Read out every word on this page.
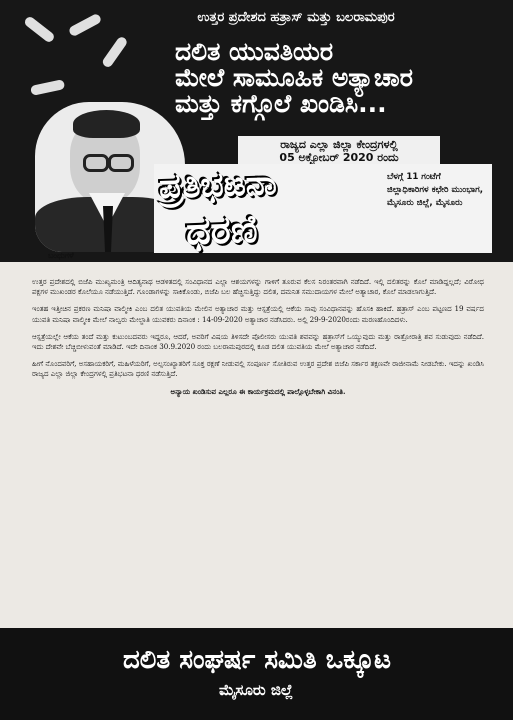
ಉತ್ತರ ಪ್ರದೇಶದ ಹತ್ರಾಸ್ ಮತ್ತು ಬಲರಾಮಪುರ
ದಲಿತ ಯುವತಿಯರ
ಮೇಲೆ ಸಾಮೂಹಿಕ ಅತ್ಯಾಚಾರ
ಮತ್ತು ಕಗ್ಗೊಲೆ ಖಂಡಿಸಿ...
ರಾಜ್ಯದ ಎಲ್ಲಾ ಜಿಲ್ಲಾ ಕೇಂದ್ರಗಳಲ್ಲಿ
05 ಅಕ್ಟೋಬರ್ 2020 ರಂದು
ಪ್ರತಿಭಟನಾ
ಧರಣಿ
ಬೆಳಗ್ಗೆ 11 ಗಂಟೆಗೆ
ಜಿಲ್ಲಾಧಿಕಾರಿಗಳ ಕಛೇರಿ ಮುಂಭಾಗ,
ಮೈಸೂರು ಜಿಲ್ಲೆ, ಮೈಸೂರು
ಬಂಧುಗಳೆ

ಉತ್ತರ ಪ್ರದೇಶದಲ್ಲಿ ಬಿಜೆಪಿ ಮುಖ್ಯಮಂತ್ರಿ ಆದಿತ್ಯನಾಥ ಆಡಳಿತದಲ್ಲಿ ಸಂವಿಧಾನದ ಎಲ್ಲಾ ಆಶಯಗಳನ್ನು ಗಾಳಿಗೆ ತೂರುವ ಕೆಲಸ ನಿರಂತರವಾಗಿ ನಡೆದಿದೆ. ಇಲ್ಲಿ ದಲಿತರನ್ನು ಕೊಲೆ ಮಾಡಿದ್ದಲ್ಲದೆ; ವಿರೋಧ ಪಕ್ಷಗಳ ಮುಖಂಡರ ಕೊಲೆಯೂ ನಡೆಯುತ್ತಿದೆ. ಗೂಂಡಾಗಳನ್ನು ಸಾಕಿಕೊಂಡು, ಬಿಜೆಪಿ ಬಲ ಹೆಚ್ಚಿಸುತ್ತಿದ್ದು ದಲಿತ, ದಮನಿತ ಸಮುದಾಯಗಳ ಮೇಲೆ ಅತ್ಯಾಚಾರ, ಕೊಲೆ ಮಾಡಲಾಗುತ್ತಿದೆ.

ಇಂತಹ ಇತ್ತೀಚಿನ ಪ್ರಕರಣ ಮನಿಷಾ ವಾಲ್ಮೀಕಿ ಎಂಬ ದಲಿತ ಯುವತಿಯ ಮೇಲಿನ ಅತ್ಯಾಚಾರ ಮತ್ತು ಆಸ್ಪತ್ರೆಯಲ್ಲಿ ಆಕೆಯ ಸಾವು ಸಂವಿಧಾನವನ್ನು ಹೊಸಕಿ ಹಾಕಿದೆ. ಹತ್ರಾಸ್ ಎಂಬ ಪಟ್ಟಣದ 19 ವರ್ಷದ ಯುವತಿ ಮನಿಷಾ ವಾಲ್ಮೀಕಿ ಮೇಲೆ ನಾಲ್ವರು ಮೇಲ್ಜಾತಿ ಯುವಕರು ದಿನಾಂಕ : 14-09-2020 ಅತ್ಯಾಚಾರ ನಡೆಸಿದರು. ಅಲ್ಲಿ 29-9-2020ರಂದು ಮರಣಹೊಂದಿದಳು.

ಆಸ್ಪತ್ರೆಯಲ್ಲೇ ಆಕೆಯ ತಂದೆ ಮತ್ತು ಕುಟುಂಬದವರು ಇದ್ದರೂ, ಆದರೆ, ಅವರಿಗೆ ವಿಷಯ ತಿಳಿಸದೇ ಪೊಲೀಸರು ಯುವತಿ ಶವವನ್ನು ಹತ್ರಾಸ್‌ಗೆ ಒಯ್ಯುವುದು ಮತ್ತು ರಾತ್ರೋರಾತ್ರಿ ಶವ ಸುಡುವುದು ನಡೆದಿದೆ. ಇದು ದೇಶವೇ ಬೆಚ್ಚಿಬೀಳುವಂತೆ ಮಾಡಿದೆ. ಇದೇ ದಿನಾಂಕ 30.9.2020 ರಂದು ಬಲರಾಮಪುರದಲ್ಲಿ ಕೂಡ ದಲಿತ ಯುವತಿಯ ಮೇಲೆ ಅತ್ಯಾಚಾರ ನಡೆದಿದೆ.

ಹೀಗೆ ನೊಂದವರಿಗೆ, ಅಸಹಾಯಕರಿಗೆ, ಮಹಿಳೆಯರಿಗೆ, ಅಲ್ಪಸಂಖ್ಯಾತರಿಗೆ ಸೂಕ್ತ ರಕ್ಷಣೆ ನೀಡುವಲ್ಲಿ ಸಂಪೂರ್ಣ ಸೋತಿರುವ ಉತ್ತರ ಪ್ರದೇಶ ಬಿಜೆಪಿ ಸರ್ಕಾರ ತಕ್ಷಣವೇ ರಾಜೀನಾಮೆ ನೀಡಬೇಕು. ಇದನ್ನು ಖಂಡಿಸಿ ರಾಜ್ಯದ ಎಲ್ಲಾ ಜಿಲ್ಲಾ ಕೇಂದ್ರಗಳಲ್ಲಿ ಪ್ರತಿಭಟನಾ ಧರಣಿ ನಡೆಸುತ್ತಿದೆ.

ಅನ್ಯಾಯ ಖಂಡಿಸುವ ಎಲ್ಲರೂ ಈ ಕಾರ್ಯಕ್ರಮದಲ್ಲಿ ಪಾಲ್ಗೊಳ್ಳಬೇಕಾಗಿ ವಿನಂತಿ.

ದಲಿತ ಸಂಘರ್ಷ ಸಮಿತಿ ಒಕ್ಕೂಟ
ಮೈಸೂರು ಜಿಲ್ಲೆ
